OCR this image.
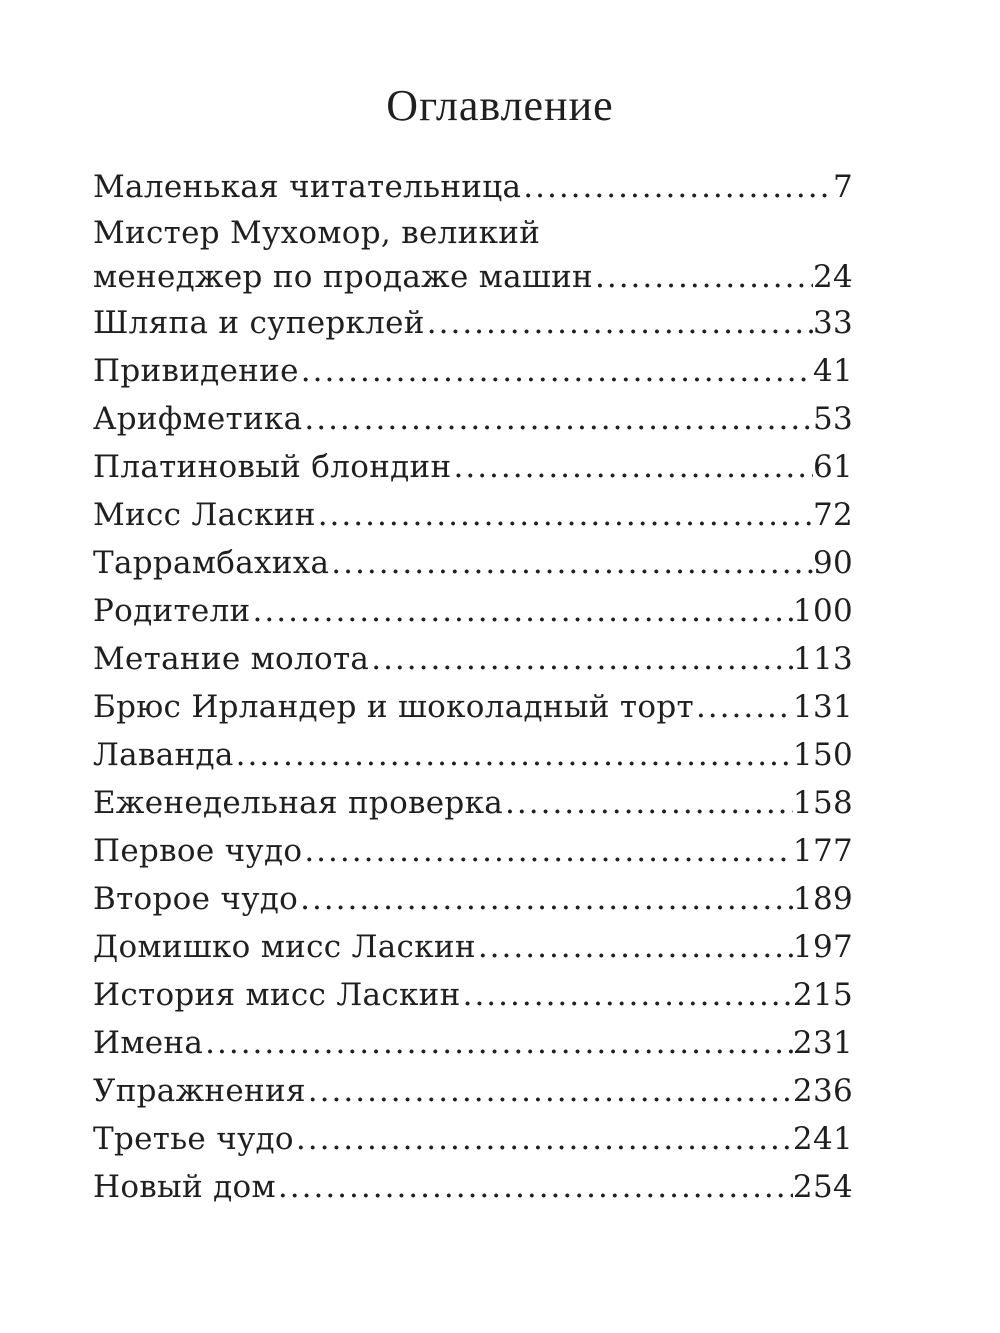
Оглавление
Маленькая читательница .....	7
Мистер Мухомор, великий
менеджер по продаже машин .....	24
Шляпа и суперклей .....	33
Привидение .....	41
Арифметика .....	53
Платиновый блондин .....	61
Мисс Ласкин .....	72
Таррамбахиха .....	90
Родители .....	100
Метание молота .....	113
Брюс Ирландер и шоколадный торт .....	131
Лаванда .....	150
Еженедельная проверка .....	158
Первое чудо .....	177
Второе чудо .....	189
Домишко мисс Ласкин .....	197
История мисс Ласкин .....	215
Имена .....	231
Упражнения .....	236
Третье чудо .....	241
Новый дом .....	254
